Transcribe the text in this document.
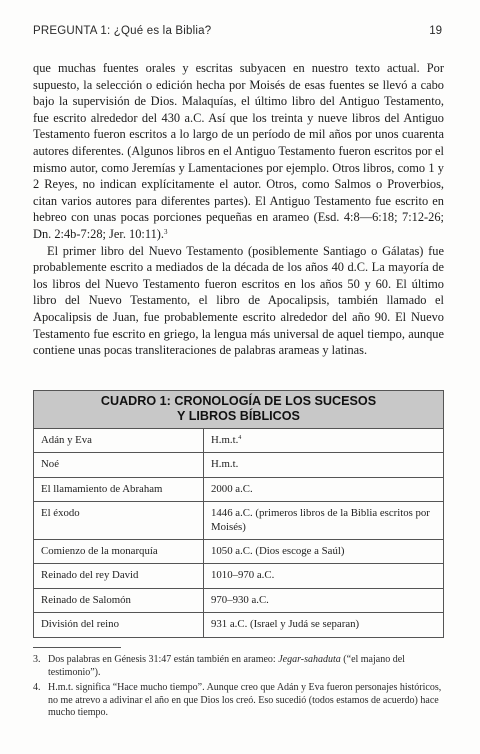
PREGUNTA 1: ¿Qué es la Biblia?	19

que muchas fuentes orales y escritas subyacen en nuestro texto actual. Por supuesto, la selección o edición hecha por Moisés de esas fuentes se llevó a cabo bajo la supervisión de Dios. Malaquías, el último libro del Antiguo Testamento, fue escrito alrededor del 430 a.C. Así que los treinta y nueve libros del Antiguo Testamento fueron escritos a lo largo de un período de mil años por unos cuarenta autores diferentes. (Algunos libros en el Antiguo Testamento fueron escritos por el mismo autor, como Jeremías y Lamentaciones por ejemplo. Otros libros, como 1 y 2 Reyes, no indican explícitamente el autor. Otros, como Salmos o Proverbios, citan varios autores para diferentes partes). El Antiguo Testamento fue escrito en hebreo con unas pocas porciones pequeñas en arameo (Esd. 4:8—6:18; 7:12-26; Dn. 2:4b-7:28; Jer. 10:11).$^3$

El primer libro del Nuevo Testamento (posiblemente Santiago o Gálatas) fue probablemente escrito a mediados de la década de los años 40 d.C. La mayoría de los libros del Nuevo Testamento fueron escritos en los años 50 y 60. El último libro del Nuevo Testamento, el libro de Apocalipsis, también llamado el Apocalipsis de Juan, fue probablemente escrito alrededor del año 90. El Nuevo Testamento fue escrito en griego, la lengua más universal de aquel tiempo, aunque contiene unas pocas transliteraciones de palabras arameas y latinas.

CUADRO 1: CRONOLOGÍA DE LOS SUCESOS
Y LIBROS BÍBLICOS	
Adán y Eva	H.m.t.$^4$
Noé	H.m.t.
El llamamiento de Abraham	2000 a.C.
El éxodo	1446 a.C. (primeros libros de la Biblia escritos por Moisés)
Comienzo de la monarquía	1050 a.C. (Dios escoge a Saúl)
Reinado del rey David	1010–970 a.C.
Reinado de Salomón	970–930 a.C.
División del reino	931 a.C. (Israel y Judá se separan)
3. Dos palabras en Génesis 31:47 están también en arameo: Jegar-sahaduta (“el majano del testimonio”).
4. H.m.t. significa “Hace mucho tiempo”. Aunque creo que Adán y Eva fueron personajes históricos, no me atrevo a adivinar el año en que Dios los creó. Eso sucedió (todos estamos de acuerdo) hace mucho tiempo.
